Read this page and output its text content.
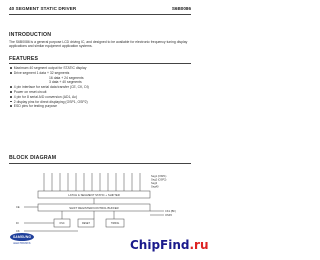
40 SEGMENT STATIC DRIVER	S6B0086
INTRODUCTION
The S6B0086 is a general purpose LCD driving IC, and designed to be available for electronic frequency tuning display applications and similar equipment application systems.
FEATURES
Maximum 40 segment output for STATIC display
Drive segment 1 data + 32 segments
16 data + 24 segments
3 data + 40 segments
4 pin interface for serial data transfer (CE, CK, DI)
Power on reset circuit
4 pin for 8 serial A/D conversion (AD1, Ac)
2 display pins for direct displaying (OSP1, OSP2)
ESD pins for testing purpose
BLOCK DIAGRAM
Seg1 (OSP1)
Seg2 (OSP2)
Seg3
Seg40
LATCH & SEGMENT STATIC + SHIFTER
SHIFT REGISTER/CONTROL BUFFER
CK1 (BF)
OSP2
CE
DI
CK
OSC	RESET	TIMING
SAMSUNG
ELECTRONICS	ChipFind.ru
